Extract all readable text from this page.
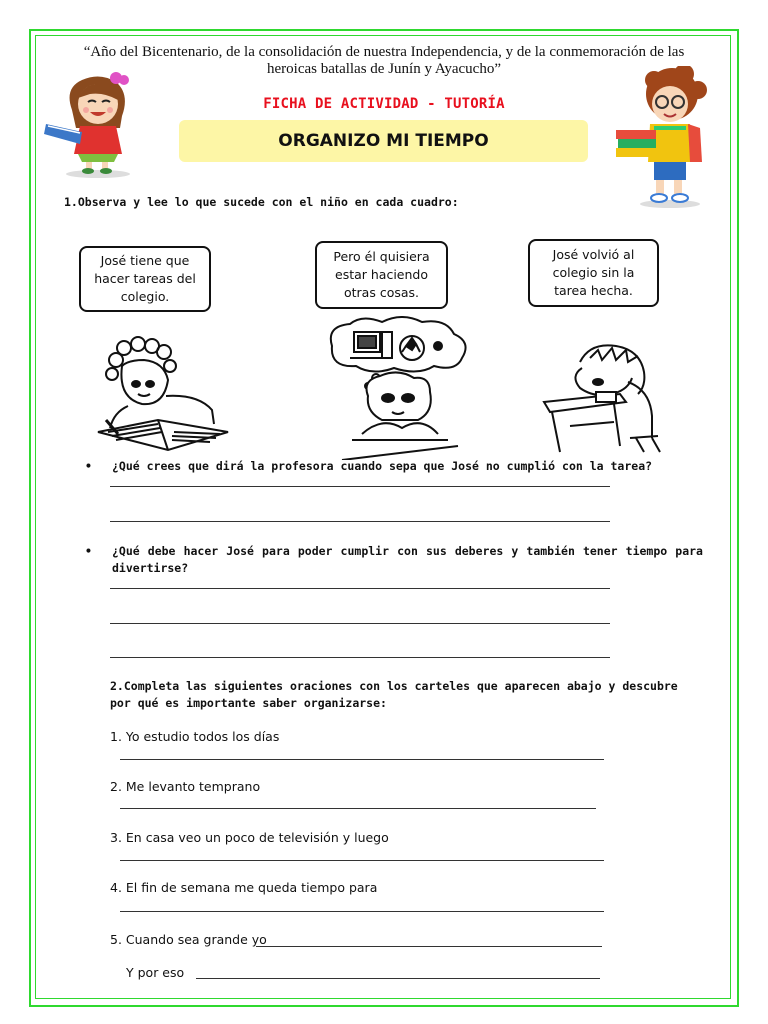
“Año del Bicentenario, de la consolidación de nuestra Independencia, y de la conmemoración de las
heroicas batallas de Junín y Ayacucho”
FICHA DE ACTIVIDAD - TUTORÍA
ORGANIZO MI TIEMPO
1.Observa y lee lo que sucede con el niño en cada cuadro:
José tiene que
hacer tareas del
colegio.
Pero él quisiera
estar haciendo
otras cosas.
José volvió al
colegio sin la
tarea hecha.
• ¿Qué crees que dirá la profesora cuando sepa que José no cumplió con la tarea?
• ¿Qué debe hacer José para poder cumplir con sus deberes y también tener tiempo para divertirse?
2.Completa las siguientes oraciones con los carteles que aparecen abajo y descubre por qué es importante saber organizarse:
1. Yo estudio todos los días
2. Me levanto temprano
3. En casa veo un poco de televisión y luego
4. El fin de semana me queda tiempo para
5. Cuando sea grande yo
Y por eso
